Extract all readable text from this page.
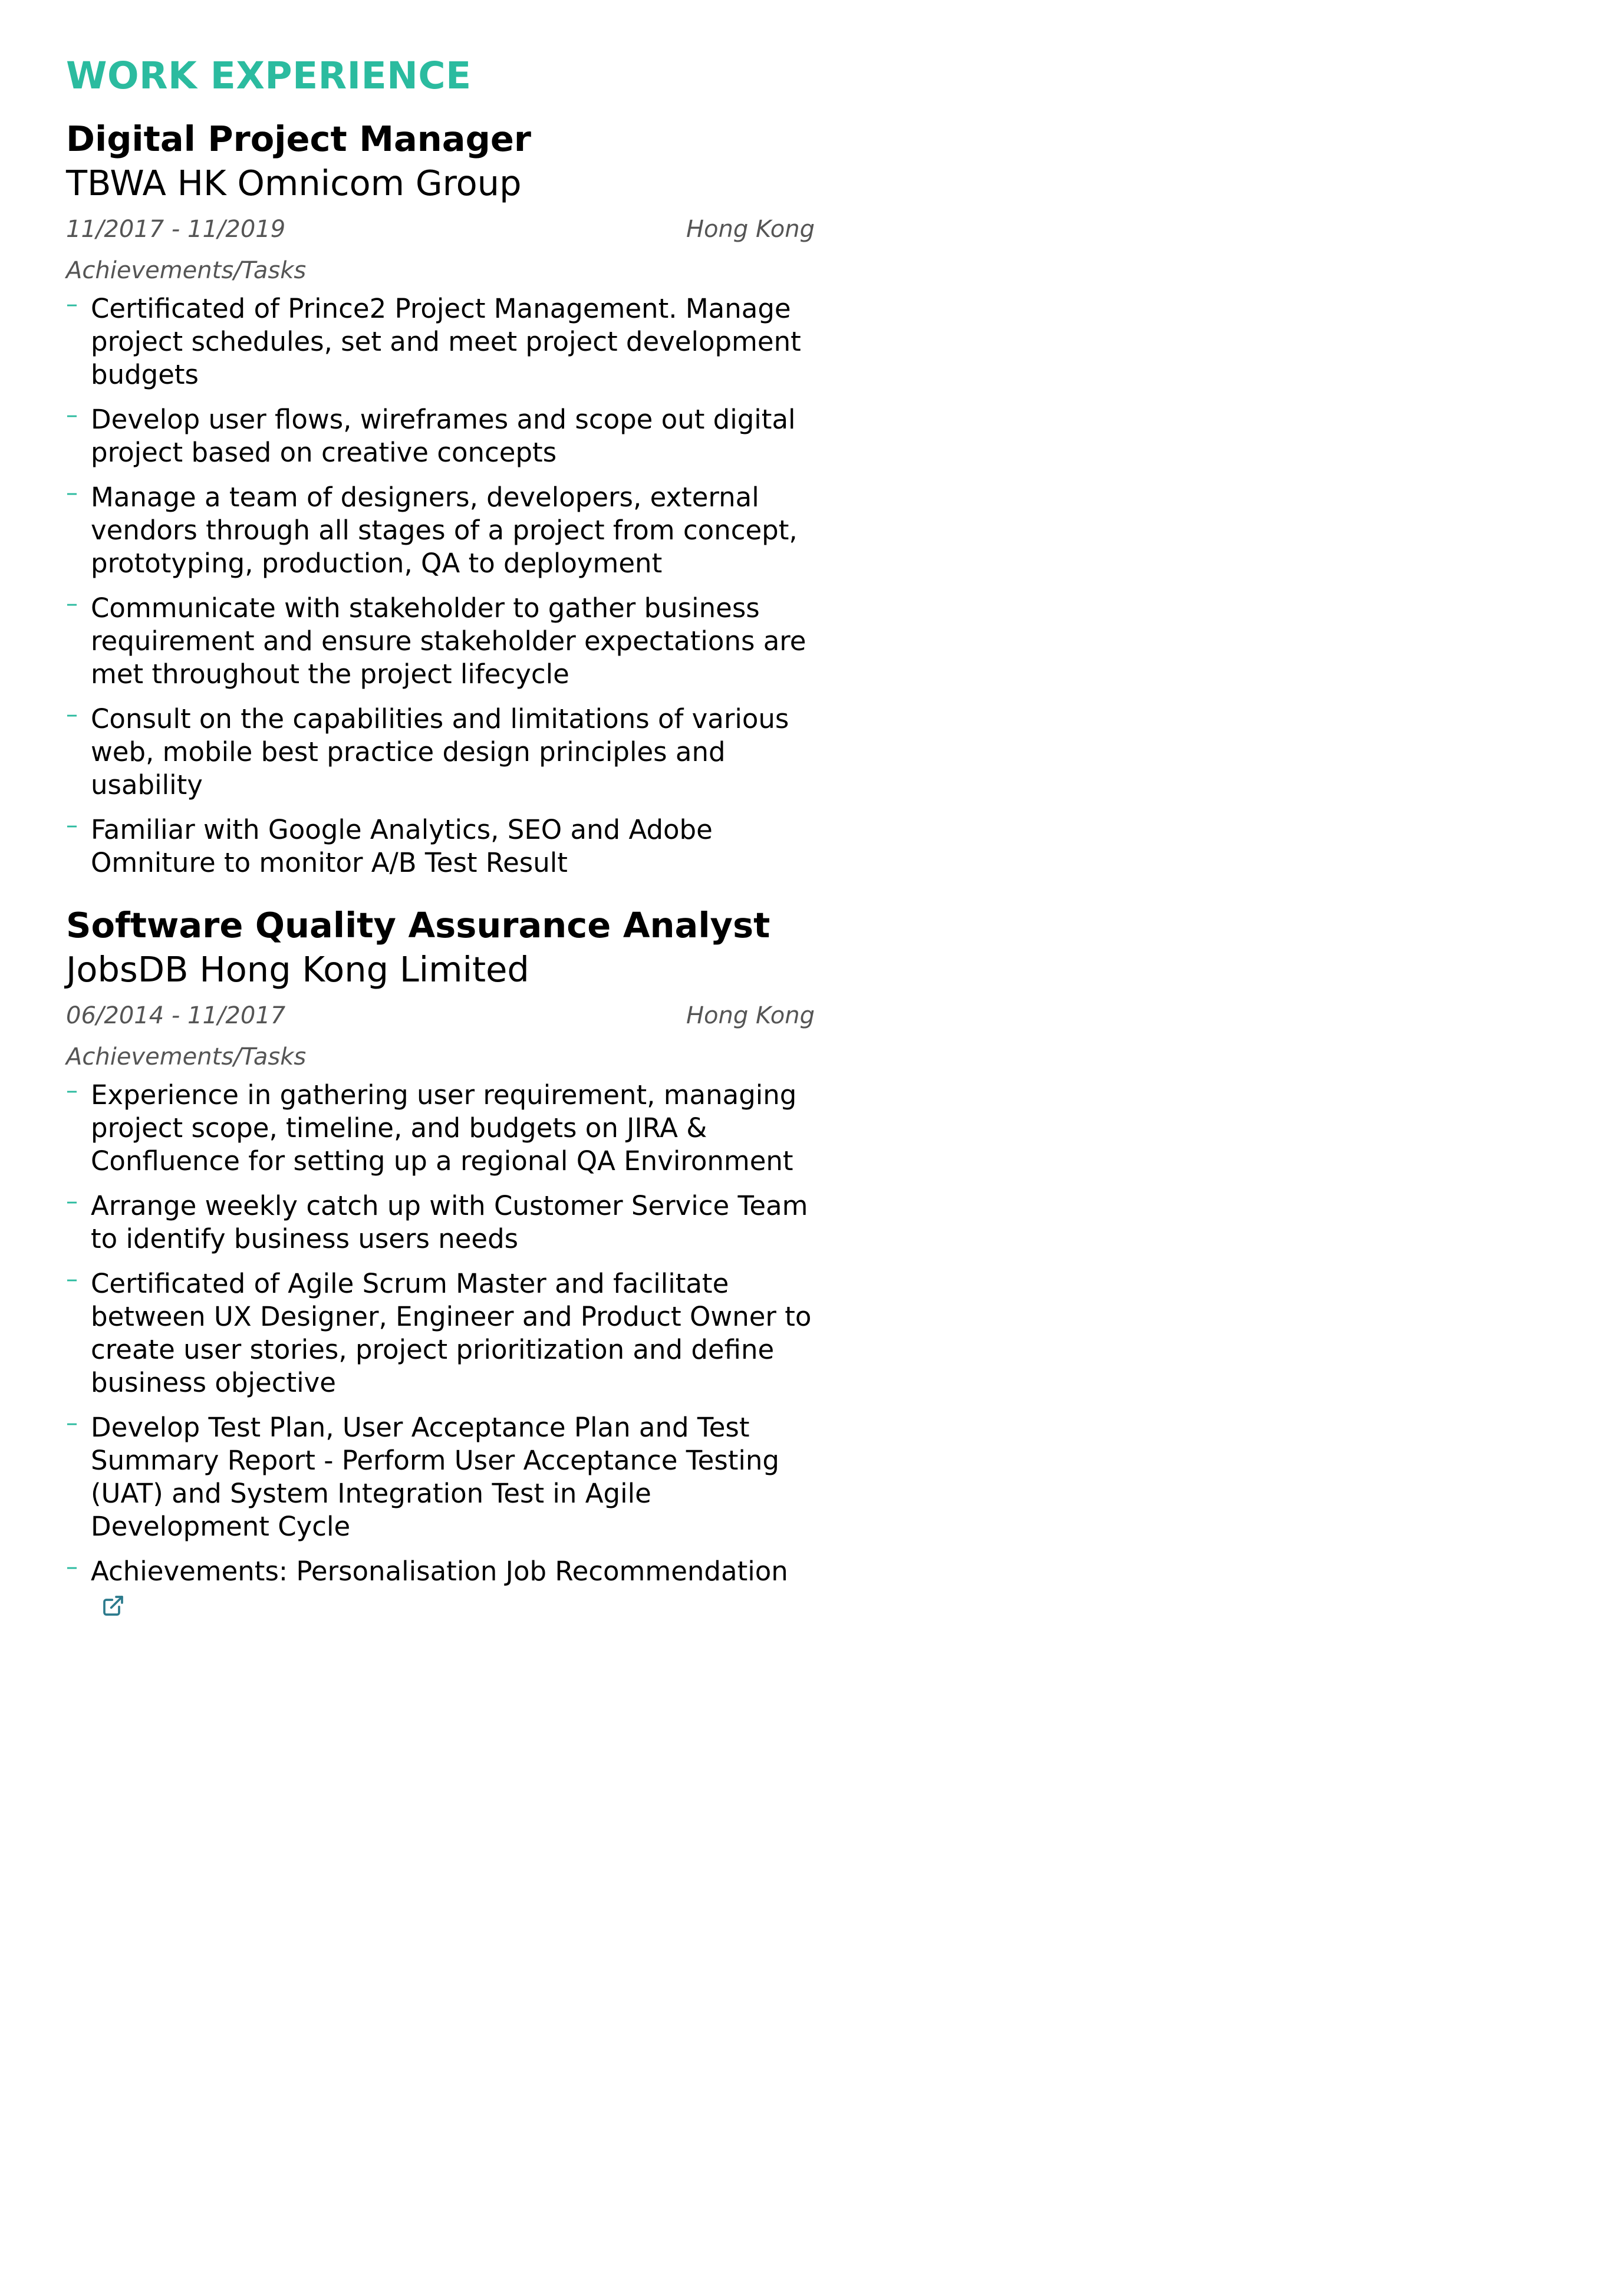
WORK EXPERIENCE
Digital Project Manager
TBWA HK Omnicom Group
11/2017 - 11/2019	Hong Kong
Achievements/Tasks
– Certificated of Prince2 Project Management. Manage project schedules, set and meet project development budgets
– Develop user flows, wireframes and scope out digital project based on creative concepts
– Manage a team of designers, developers, external vendors through all stages of a project from concept, prototyping, production, QA to deployment
– Communicate with stakeholder to gather business requirement and ensure stakeholder expectations are met throughout the project lifecycle
– Consult on the capabilities and limitations of various web, mobile best practice design principles and usability
– Familiar with Google Analytics, SEO and Adobe Omniture to monitor A/B Test Result
Software Quality Assurance Analyst
JobsDB Hong Kong Limited
06/2014 - 11/2017	Hong Kong
Achievements/Tasks
– Experience in gathering user requirement, managing project scope, timeline, and budgets on JIRA & Confluence for setting up a regional QA Environment
– Arrange weekly catch up with Customer Service Team to identify business users needs
– Certificated of Agile Scrum Master and facilitate between UX Designer, Engineer and Product Owner to create user stories, project prioritization and define business objective
– Develop Test Plan, User Acceptance Plan and Test Summary Report - Perform User Acceptance Testing (UAT) and System Integration Test in Agile Development Cycle
– Achievements: Personalisation Job Recommendation
